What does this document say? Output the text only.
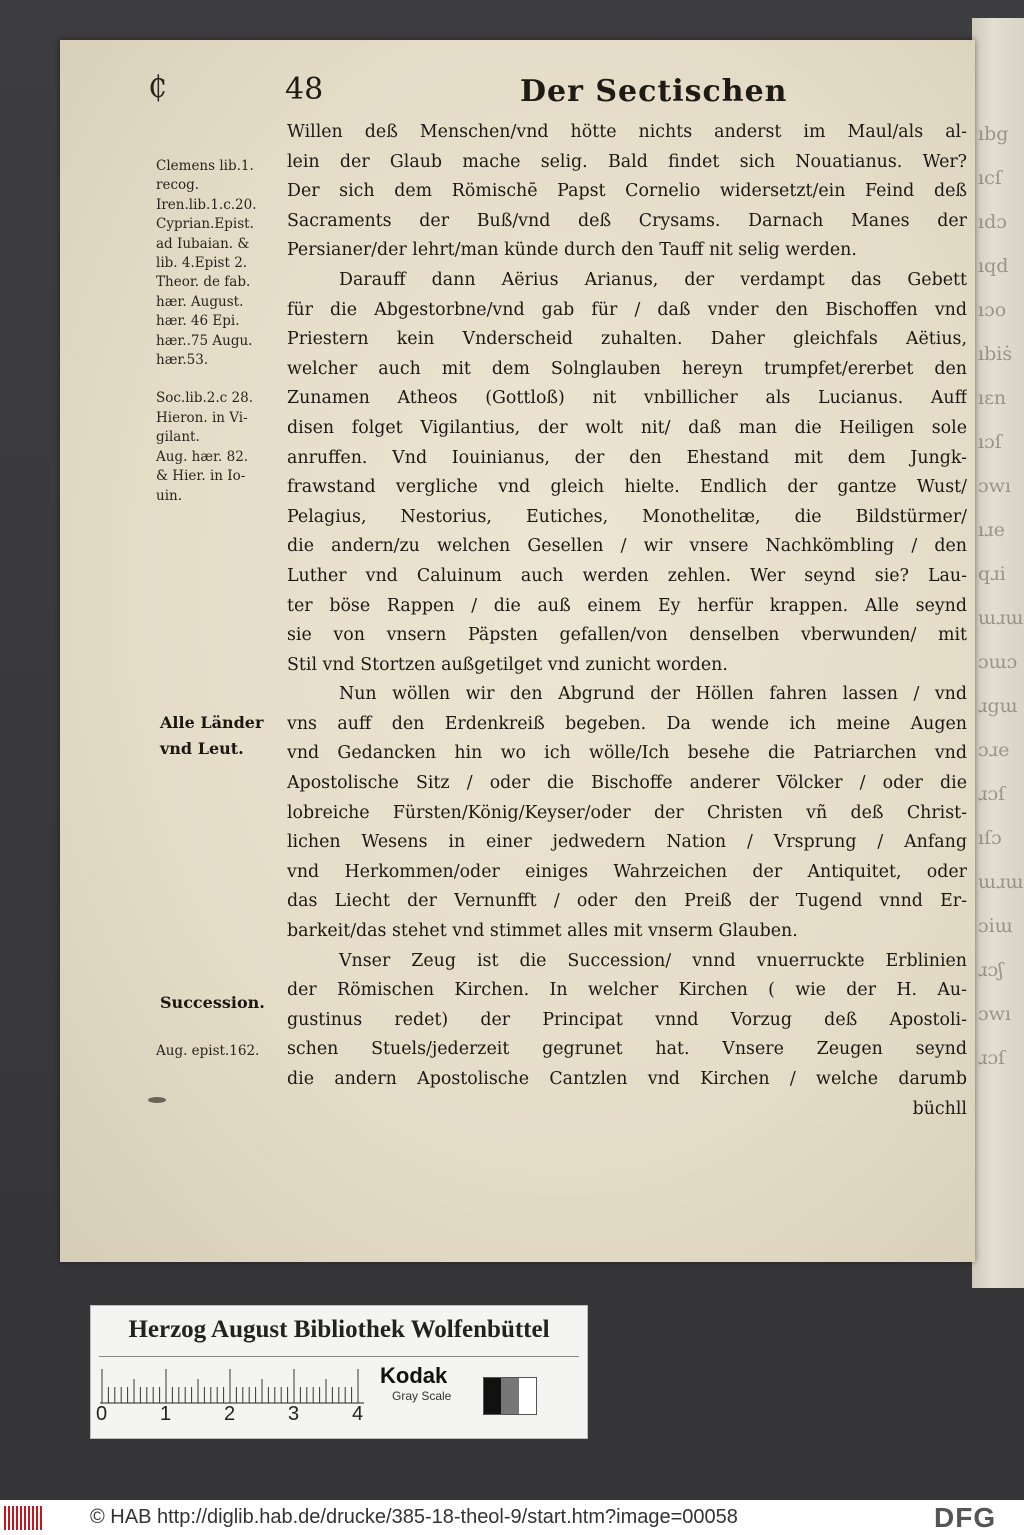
ıbg
ıcſ
ıdɔ
ıqd
ıɔo
ıbiṡ
ıɛn
ıɔſ
ɔwı
ıɹe
qɹi
ɯɹɯ
ɔɯɔ
ɹgɯ
ɔɹe
ɹɔſ
ıſɔ
ɯɹɯ
ɔiɯ
ɹɔʃ
ɔwı
ɹɔſ
₵	48	Der Sectischen
Clemens lib.1.
recog.
Iren.lib.1.c.20.
Cyprian.Epist.
ad Iubaian. &
lib. 4.Epist 2.
Theor. de fab.
hær. August.
hær. 46 Epi.
hær..75 Augu.
hær.53.
Soc.lib.2.c 28.
Hieron. in Vi-
gilant.
Aug. hær. 82.
& Hier. in Io-
uin.
Alle Länder
vnd Leut.
Succession.
Aug. epist.162.
Willen deß Menschen/vnd hötte nichts anderst im Maul/als al-
lein der Glaub mache selig. Bald findet sich Nouatianus. Wer?
Der sich dem Römischē Papst Cornelio widersetzt/ein Feind deß
Sacraments der Buß/vnd deß Crysams. Darnach Manes der
Persianer/der lehrt/man künde durch den Tauff nit selig werden.
Darauff dann Aërius Arianus, der verdampt das Gebett
für die Abgestorbne/vnd gab für / daß vnder den Bischoffen vnd
Priestern kein Vnderscheid zuhalten. Daher gleichfals Aëtius,
welcher auch mit dem Solnglauben hereyn trumpfet/ererbet den
Zunamen Atheos (Gottloß) nit vnbillicher als Lucianus. Auff
disen folget Vigilantius, der wolt nit/ daß man die Heiligen sole
anruffen. Vnd Iouinianus, der den Ehestand mit dem Jungk-
frawstand vergliche vnd gleich hielte. Endlich der gantze Wust/
Pelagius, Nestorius, Eutiches, Monothelitæ, die Bildstürmer/
die andern/zu welchen Gesellen / wir vnsere Nachkömbling / den
Luther vnd Caluinum auch werden zehlen. Wer seynd sie? Lau-
ter böse Rappen / die auß einem Ey herfür krappen. Alle seynd
sie von vnsern Päpsten gefallen/von denselben vberwunden/ mit
Stil vnd Stortzen außgetilget vnd zunicht worden.
Nun wöllen wir den Abgrund der Höllen fahren lassen / vnd
vns auff den Erdenkreiß begeben. Da wende ich meine Augen
vnd Gedancken hin wo ich wölle/Ich besehe die Patriarchen vnd
Apostolische Sitz / oder die Bischoffe anderer Völcker / oder die
lobreiche Fürsten/König/Keyser/oder der Christen vñ deß Christ-
lichen Wesens in einer jedwedern Nation / Vrsprung / Anfang
vnd Herkommen/oder einiges Wahrzeichen der Antiquitet, oder
das Liecht der Vernunfft / oder den Preiß der Tugend vnnd Er-
barkeit/das stehet vnd stimmet alles mit vnserm Glauben.
Vnser Zeug ist die Succession/ vnnd vnuerruckte Erblinien
der Römischen Kirchen. In welcher Kirchen ( wie der H. Au-
gustinus redet) der Principat vnnd Vorzug deß Apostoli-
schen Stuels/jederzeit gegrunet hat. Vnsere Zeugen seynd
die andern Apostolische Cantzlen vnd Kirchen / welche darumb
büchll
Herzog August Bibliothek Wolfenbüttel
0	1	2	3	4
Kodak
Gray Scale
© HAB http://diglib.hab.de/drucke/385-18-theol-9/start.htm?image=00058	DFG
